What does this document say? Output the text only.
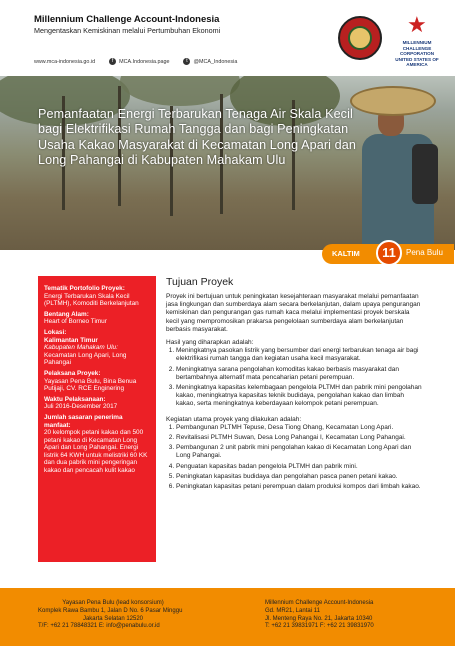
Millennium Challenge Account-Indonesia
Mengentaskan Kemiskinan melalui Pertumbuhan Ekonomi
www.mca-indonesia.go.id	f	MCA.Indonesia.page	t	@MCA_Indonesia
★
MILLENNIUM CHALLENGE CORPORATION UNITED STATES OF AMERICA
Pemanfaatan Energi Terbarukan Tenaga Air Skala Kecil
bagi Elektrifikasi Rumah Tangga dan bagi Peningkatan
Usaha Kakao Masyarakat di Kecamatan Long Apari dan
Long Pahangai di Kabupaten Mahakam Ulu
KALTIM	11	Pena Bulu
Tematik Portofolio Proyek:

Energi Terbarukan Skala Kecil (PLTMH), Komoditi Berkelanjutan

Bentang Alam:

Heart of Borneo Timur

Lokasi:

Kalimantan Timur

Kabupaten Mahakam Ulu:

Kecamatan Long Apari, Long Pahangai

Pelaksana Proyek:

Yayasan Pena Bulu, Bina Benua Putijaji, CV. RCE Enginering

Waktu Pelaksanaan:

Juli 2016-Desember 2017

Jumlah sasaran penerima manfaat:

20 kelompok petani kakao dan 500 petani kakao di Kecamatan Long Apari dan Long Pahangai. Energi listrik 64 KWH untuk melistriki 60 KK dan dua pabrik mini pengeringan kakao dan pencacah kulit kakao

Tujuan Proyek

Proyek ini bertujuan untuk peningkatan kesejahteraan masyarakat melalui pemanfaatan jasa lingkungan dan sumberdaya alam secara berkelanjutan, dalam upaya pengurangan kemiskinan dan pengurangan gas rumah kaca melalui implementasi proyek berskala kecil yang mempromosikan prakarsa pengelolaan sumberdaya alam berkelanjutan berbasis masyarakat.

Hasil yang diharapkan adalah:

1. Meningkatnya pasokan listrik yang bersumber dari energi terbarukan tenaga air bagi elektrifikasi rumah tangga dan kegiatan usaha kecil masyarakat.
2. Meningkatnya sarana pengolahan komoditas kakao berbasis masyarakat dan bertambahnya alternatif mata pencaharian petani perempuan.
3. Meningkatnya kapasitas kelembagaan pengelola PLTMH dan pabrik mini pengolahan kakao, meningkatnya kapasitas teknik budidaya, pengolahan kakao dan limbah kakao, serta meningkatnya keberdayaan kelompok petani perempuan.

Kegiatan utama proyek yang dilakukan adalah:

1. Pembangunan PLTMH Tepuse, Desa Tiong Ohang, Kecamatan Long Apari.
2. Revitalisasi PLTMH Suwan, Desa Long Pahangai I, Kecamatan Long Pahangai.
3. Pembangunan 2 unit pabrik mini pengolahan kakao di Kecamatan Long Apari dan Long Pahangai.
4. Penguatan kapasitas badan pengelola PLTMH dan pabrik mini.
5. Peningkatan kapasitas budidaya dan pengolahan pasca panen petani kakao.
6. Peningkatan kapasitas petani perempuan dalam produksi kompos dari limbah kakao.
Yayasan Pena Bulu (lead konsorsium)
Komplek Rawa Bambu 1, Jalan D No. 6 Pasar Minggu
Jakarta Selatan 12520
T/F: +62 21 78848321 E: info@penabulu.or.id
Millennium Challenge Account-Indonesia
Gd. MR21, Lantai 11
Jl. Menteng Raya No. 21, Jakarta 10340
T: +62 21 39831971 F: +62 21 39831970
